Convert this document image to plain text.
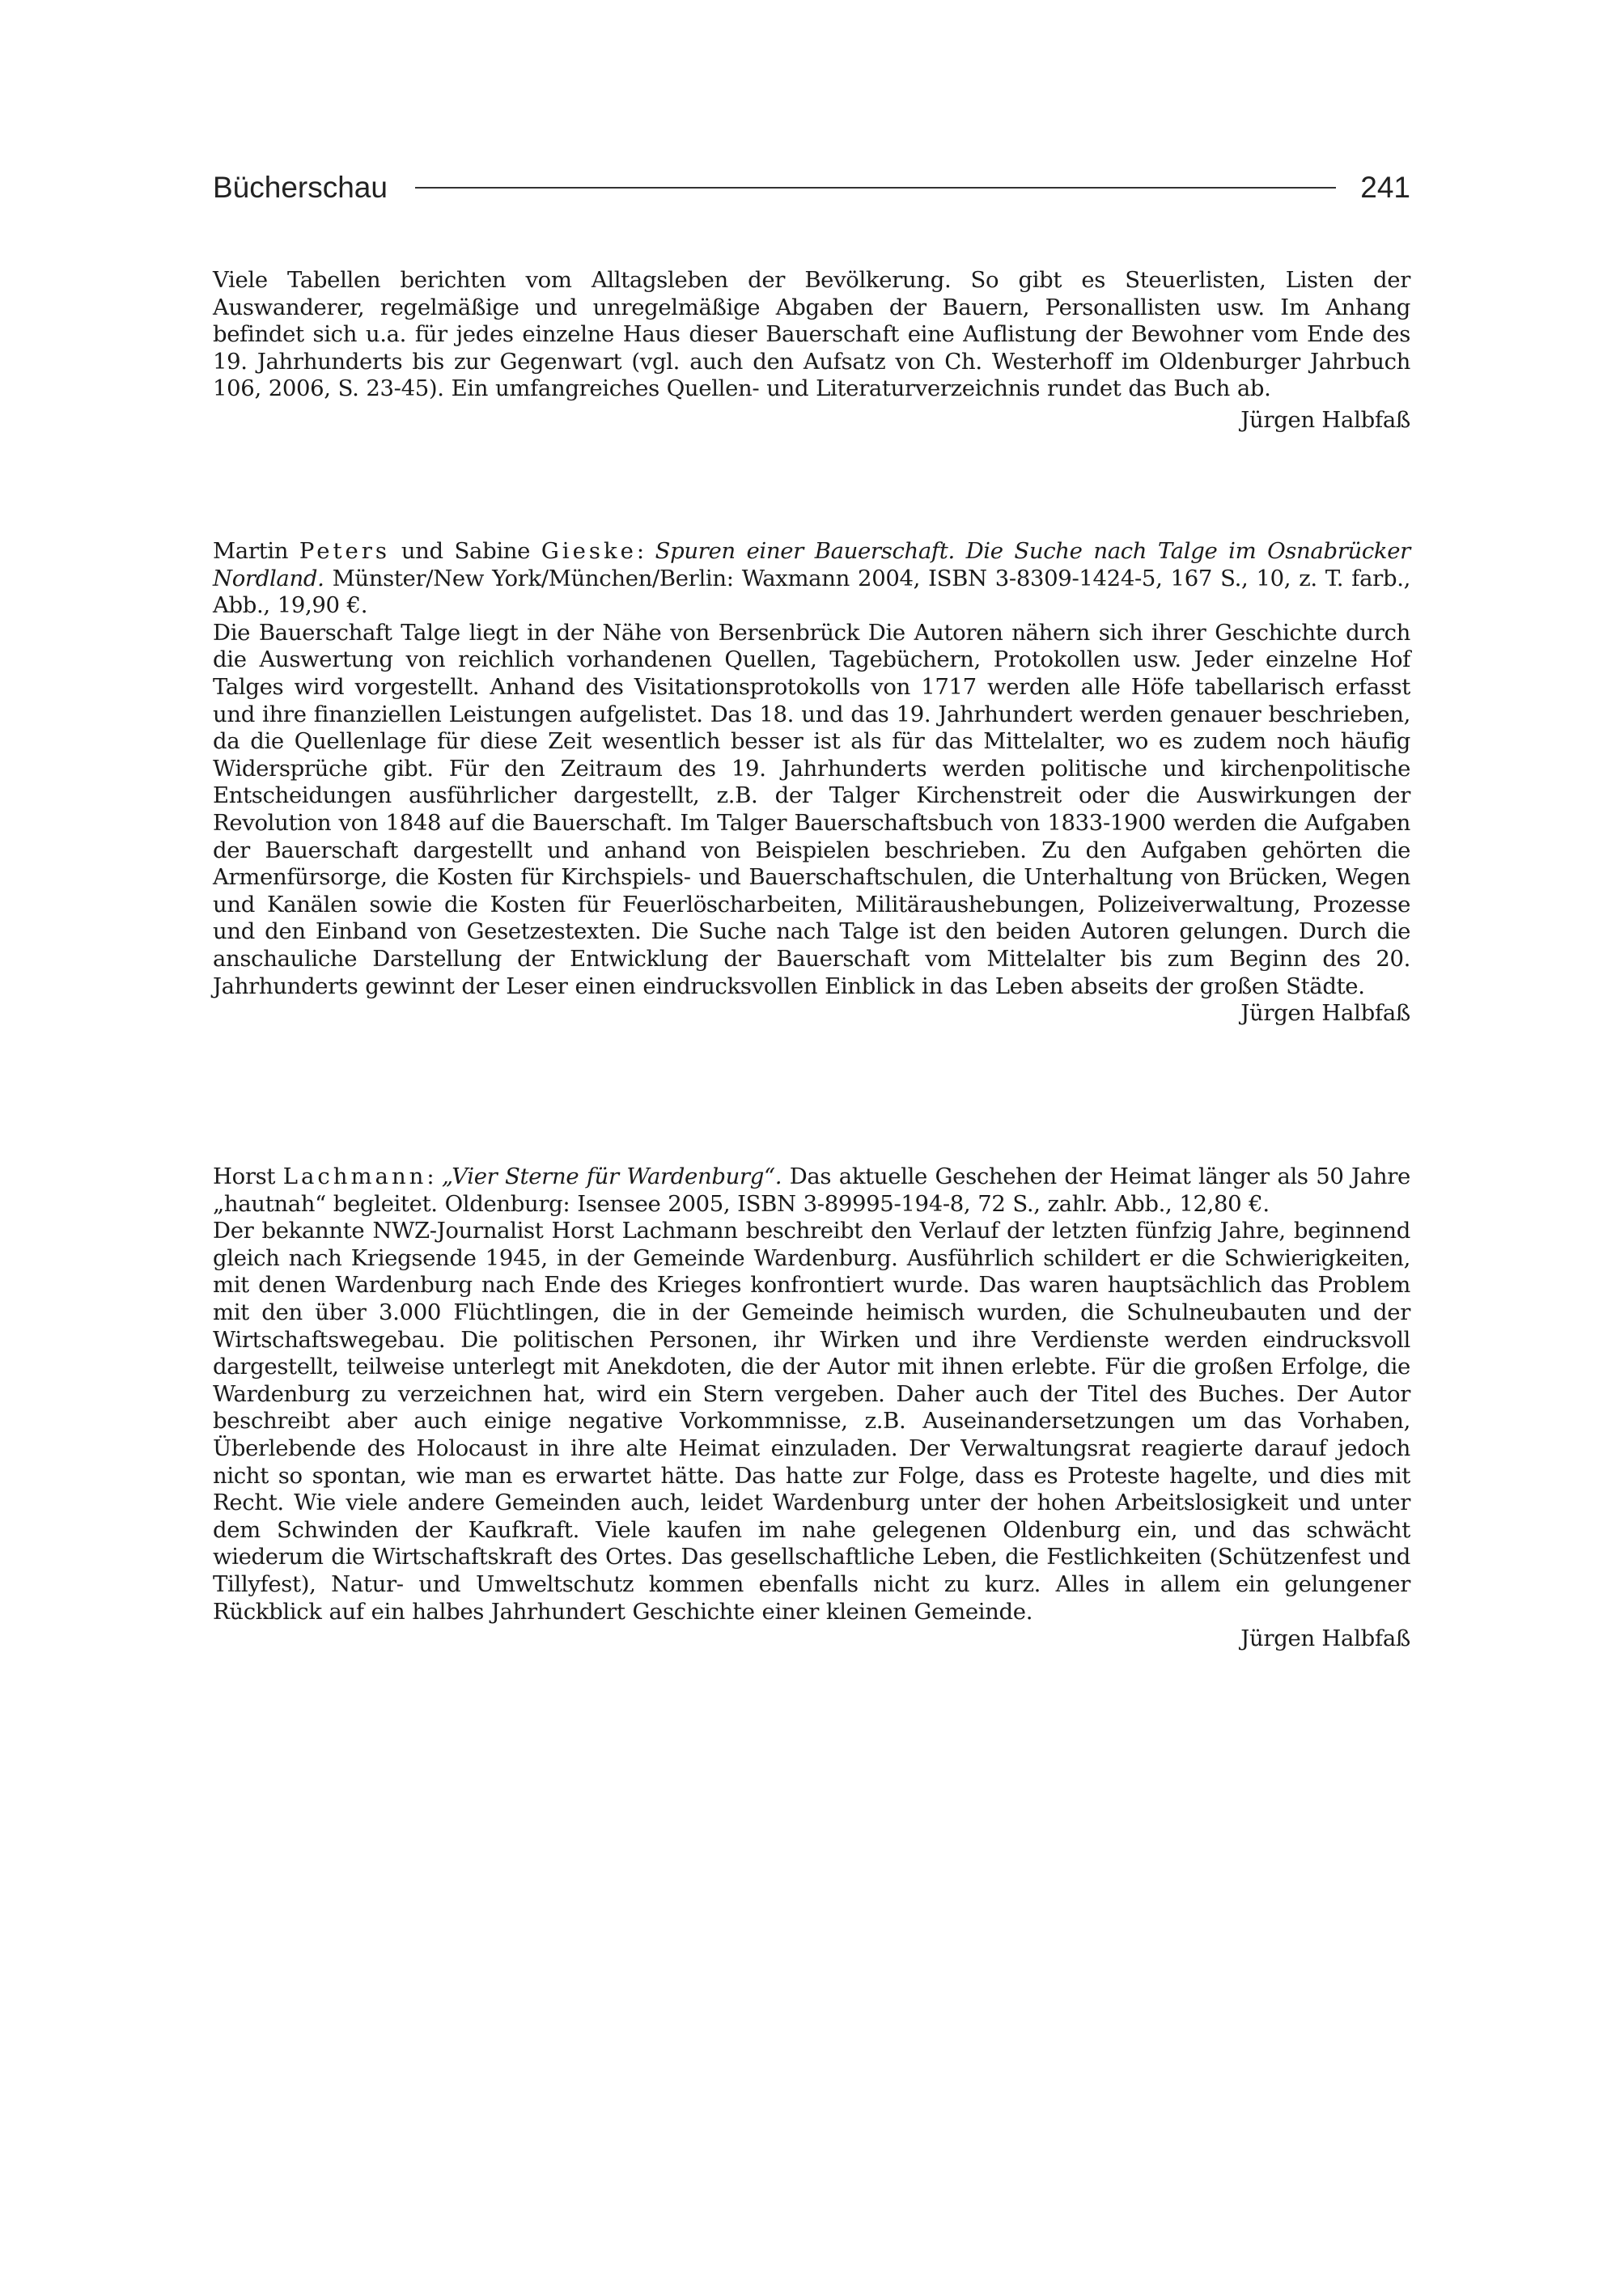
Bücherschau	241

Viele Tabellen berichten vom Alltagsleben der Bevölkerung. So gibt es Steuerlisten, Listen der Auswanderer, regelmäßige und unregelmäßige Abgaben der Bauern, Personallisten usw. Im Anhang befindet sich u.a. für jedes einzelne Haus dieser Bauerschaft eine Auflistung der Bewohner vom Ende des 19. Jahrhunderts bis zur Gegenwart (vgl. auch den Aufsatz von Ch. Westerhoff im Oldenburger Jahrbuch 106, 2006, S. 23-45). Ein umfangreiches Quellen- und Literaturverzeichnis rundet das Buch ab.

Jürgen Halbfaß

Martin Peters und Sabine Gieske: Spuren einer Bauerschaft. Die Suche nach Talge im Osnabrücker Nordland. Münster/New York/München/Berlin: Waxmann 2004, ISBN 3-8309-1424-5, 167 S., 10, z. T. farb., Abb., 19,90 €.

Die Bauerschaft Talge liegt in der Nähe von Bersenbrück Die Autoren nähern sich ihrer Geschichte durch die Auswertung von reichlich vorhandenen Quellen, Tagebüchern, Protokollen usw. Jeder einzelne Hof Talges wird vorgestellt. Anhand des Visitationsprotokolls von 1717 werden alle Höfe tabellarisch erfasst und ihre finanziellen Leistungen aufgelistet. Das 18. und das 19. Jahrhundert werden genauer beschrieben, da die Quellenlage für diese Zeit wesentlich besser ist als für das Mittelalter, wo es zudem noch häufig Widersprüche gibt. Für den Zeitraum des 19. Jahrhunderts werden politische und kirchenpolitische Entscheidungen ausführlicher dargestellt, z.B. der Talger Kirchenstreit oder die Auswirkungen der Revolution von 1848 auf die Bauerschaft. Im Talger Bauerschaftsbuch von 1833-1900 werden die Aufgaben der Bauerschaft dargestellt und anhand von Beispielen beschrieben. Zu den Aufgaben gehörten die Armenfürsorge, die Kosten für Kirchspiels- und Bauerschaftschulen, die Unterhaltung von Brücken, Wegen und Kanälen sowie die Kosten für Feuerlöscharbeiten, Militäraushebungen, Polizeiverwaltung, Prozesse und den Einband von Gesetzestexten. Die Suche nach Talge ist den beiden Autoren gelungen. Durch die anschauliche Darstellung der Entwicklung der Bauerschaft vom Mittelalter bis zum Beginn des 20. Jahrhunderts gewinnt der Leser einen eindrucksvollen Einblick in das Leben abseits der großen Städte.

Jürgen Halbfaß

Horst Lachmann: „Vier Sterne für Wardenburg“. Das aktuelle Geschehen der Heimat länger als 50 Jahre „hautnah“ begleitet. Oldenburg: Isensee 2005, ISBN 3-89995-194-8, 72 S., zahlr. Abb., 12,80 €.

Der bekannte NWZ-Journalist Horst Lachmann beschreibt den Verlauf der letzten fünfzig Jahre, beginnend gleich nach Kriegsende 1945, in der Gemeinde Wardenburg. Ausführlich schildert er die Schwierigkeiten, mit denen Wardenburg nach Ende des Krieges konfrontiert wurde. Das waren hauptsächlich das Problem mit den über 3.000 Flüchtlingen, die in der Gemeinde heimisch wurden, die Schulneubauten und der Wirtschaftswegebau. Die politischen Personen, ihr Wirken und ihre Verdienste werden eindrucksvoll dargestellt, teilweise unterlegt mit Anekdoten, die der Autor mit ihnen erlebte. Für die großen Erfolge, die Wardenburg zu verzeichnen hat, wird ein Stern vergeben. Daher auch der Titel des Buches. Der Autor beschreibt aber auch einige negative Vorkommnisse, z.B. Auseinandersetzungen um das Vorhaben, Überlebende des Holocaust in ihre alte Heimat einzuladen. Der Verwaltungsrat reagierte darauf jedoch nicht so spontan, wie man es erwartet hätte. Das hatte zur Folge, dass es Proteste hagelte, und dies mit Recht. Wie viele andere Gemeinden auch, leidet Wardenburg unter der hohen Arbeitslosigkeit und unter dem Schwinden der Kaufkraft. Viele kaufen im nahe gelegenen Oldenburg ein, und das schwächt wiederum die Wirtschaftskraft des Ortes. Das gesellschaftliche Leben, die Festlichkeiten (Schützenfest und Tillyfest), Natur- und Umweltschutz kommen ebenfalls nicht zu kurz. Alles in allem ein gelungener Rückblick auf ein halbes Jahrhundert Geschichte einer kleinen Gemeinde.

Jürgen Halbfaß
